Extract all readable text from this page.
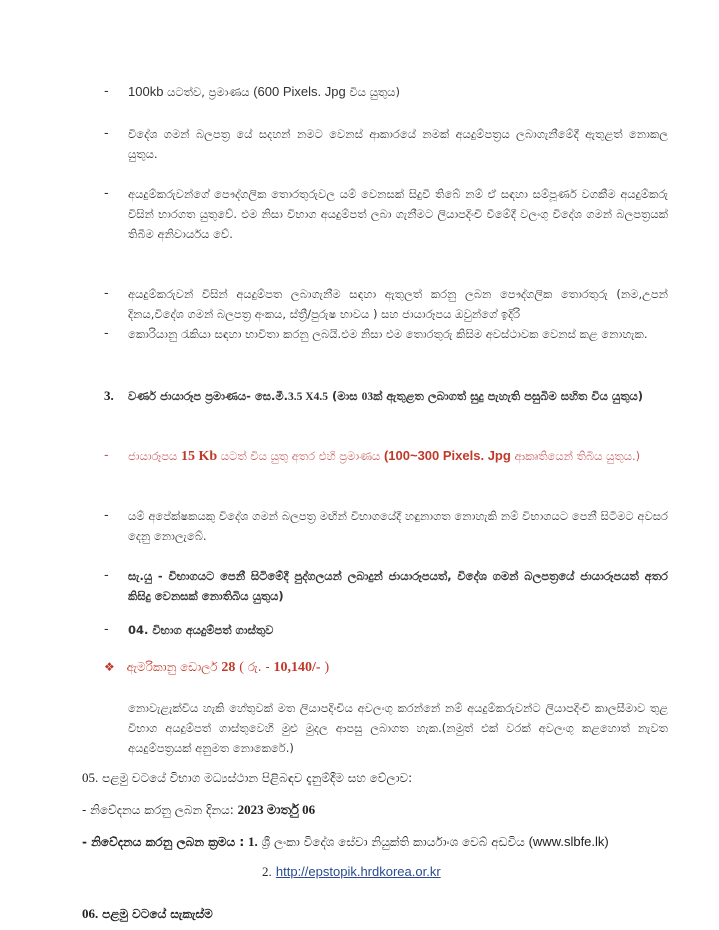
- 100kb යටත්ව, ප්‍රමාණය (600 Pixels. Jpg විය යුතුය)
- විදේශ ගමන් බලපත්‍ර යේ සදහන් නමට වෙනස් ආකාරයේ නමක් අයදුම්පත්‍රය ලබාගැනීමේදී ඇතුළත් නොකල යුතුය.
- අයදුම්කරුවන්ගේ පෞද්ගලික තොරතුරුවල යම් වෙනසක් සිදුවී තිබේ නම් ඒ සඳහා සම්පූර්ණ වගකීම අයදුම්කරු විසින් භාරගත යුතුවේ. එම නිසා විභාග අයදුම්පත් ලබා ගැනීමට ලියාපදිංචි වීමේදී වලංගු විදේශ ගමන් බලපත්‍රයක් තිබීම අනිවාර්යය වේ.
- අයදුම්කරුවන් විසින් අයදුම්පත ලබාගැනීම සඳහා ඇතුලත් කරනු ලබන පෞද්ගලික තොරතුරු (නම,උපන් දිනය,විදේශ ගමන් බලපත්‍ර අංකය, ස්ත්‍රී/පුරුෂ භාවය ) සහ ජායාරූපය ඔවුන්ගේ ඉදිරි
- කොරියානු රැකියා සඳහා භාවිතා කරනු ලබයි.එම නිසා එම තොරතුරු කිසිම අවස්ථාවක වෙනස් කළ නොහැක.
3. වර්ණ ජායාරූප ප්‍රමාණය- සෙ.මී.3.5 X4.5 (මාස 03ක් ඇතුළත ලබාගත් සුදු පැහැති පසුබිම සහිත විය යුතුය)
- ජායාරූපය 15 Kb යටත් විය යුතු අතර එහි ප්‍රමාණය (100~300 Pixels. Jpg ආකෘතියෙන් තිබිය යුතුය.)
- යම් අපේක්ෂකයකු විදේශ ගමන් බලපත්‍ර මඟින් විභාගයේදී හඳුනාගත නොහැකි නම් විභාගයට පෙනී සිටීමට අවසර දෙනු නොලැබේ.
- සැ.යු - විභාගයට පෙනී සිටිමේදී පුද්ගලයන් ලබාදුන් ජායාරූපයත්, විදේශ ගමන් බලපත්‍රයේ ජායාරූපයත් අතර කිසිදු වෙනසක් නොතිබිය යුතුය)
- 04. විභාග අයදුම්පත් ගාස්තුව
❖ ඇමරිකානු ඩොලර් 28 ( රු. - 10,140/- )
නොවැළැක්විය හැකි හේතුවක් මත ලියාපදිංචිය අවලංගු කරන්නේ නම් අයදුම්කරුවන්ට ලියාපදිංචි කාලසීමාව තුළ විභාග අයදුම්පත් ගාස්තුවෙහි මුළු මුදල ආපසු ලබාගත හැක.(නමුත් එක් වරක් අවලංගු කළහොත් නැවත අයදුම්පත්‍රයක් අනුමත නොකෙරේ.)
05. පළමු වටයේ විභාග මධ්‍යස්ථාන පිළිබඳව දැනුම්දීම සහ වේලාව:
- නිවේදනය කරනු ලබන දිනය: 2023 මාර්තු 06
- නිවේදනය කරනු ලබන ක්‍රමය : 1. ශ්‍රී ලංකා විදේශ සේවා නියුක්ති කාර්යාංශ වෙබ් අඩවිය (www.slbfe.lk)
2. http://epstopik.hrdkorea.or.kr
06. පළමු වටයේ සැකැස්ම
